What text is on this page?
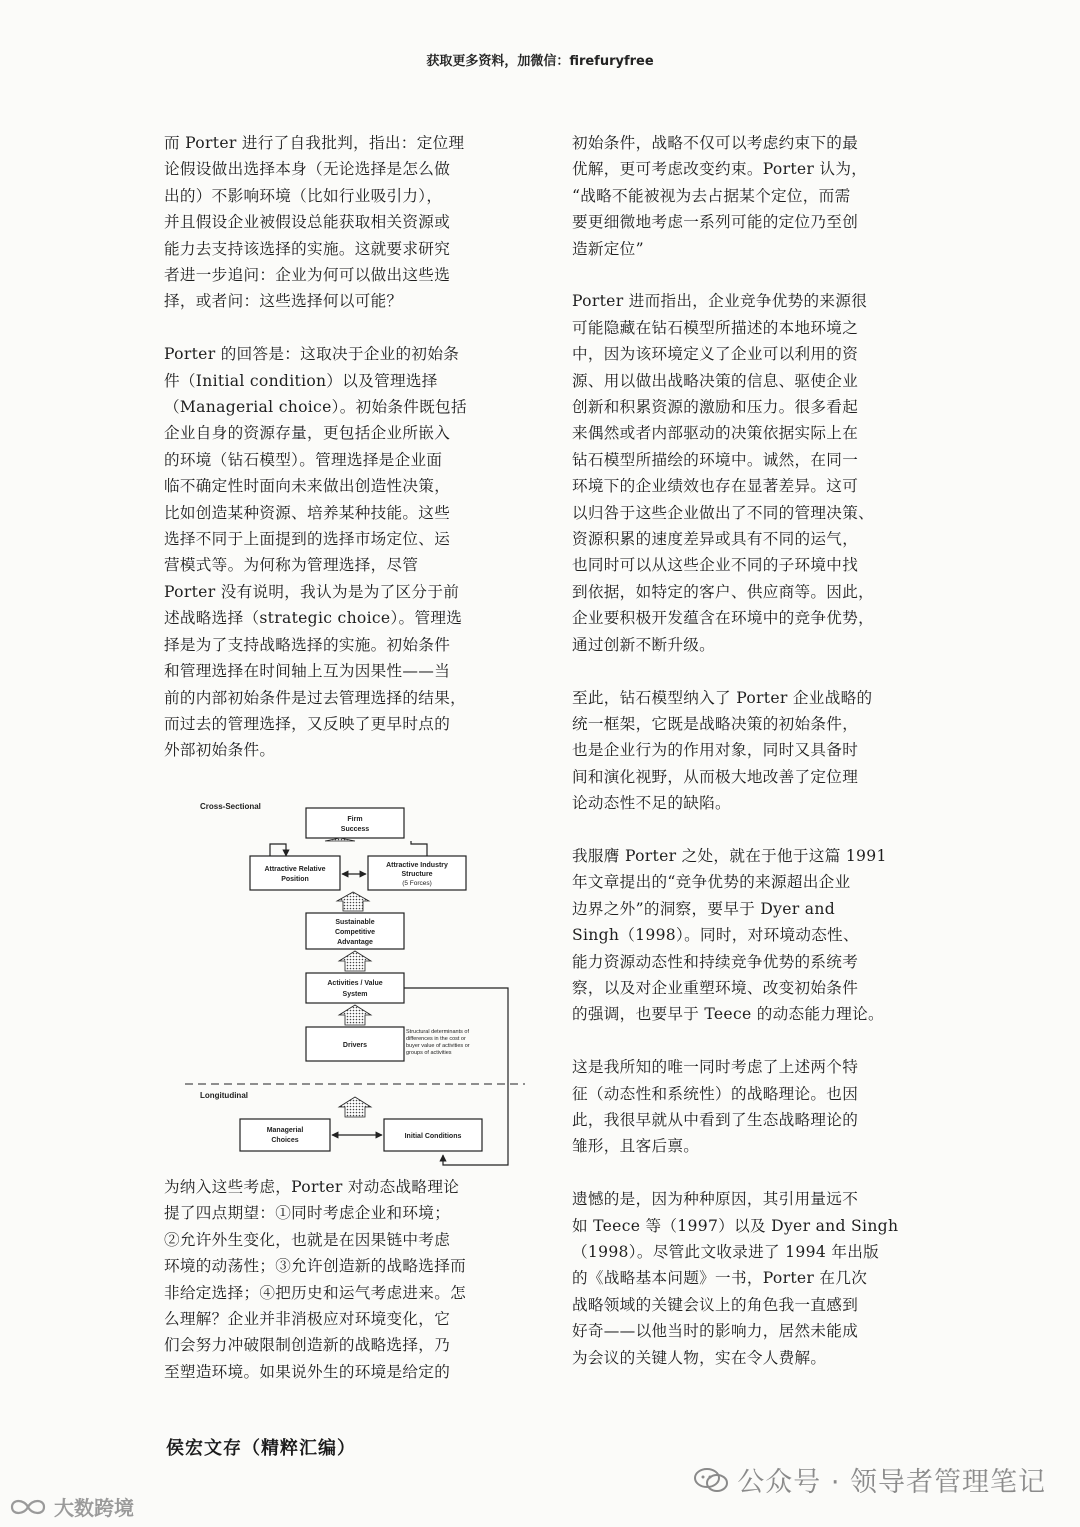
获取更多资料，加微信：firefuryfree

而 Porter 进行了自我批判，指出：定位理
论假设做出选择本身（无论选择是怎么做
出的）不影响环境（比如行业吸引力），
并且假设企业被假设总能获取相关资源或
能力去支持该选择的实施。这就要求研究
者进一步追问：企业为何可以做出这些选
择，或者问：这些选择何以可能？

Porter 的回答是：这取决于企业的初始条
件（Initial condition）以及管理选择
（Managerial choice）。初始条件既包括
企业自身的资源存量，更包括企业所嵌入
的环境（钻石模型）。管理选择是企业面
临不确定性时面向未来做出创造性决策，
比如创造某种资源、培养某种技能。这些
选择不同于上面提到的选择市场定位、运
营模式等。为何称为管理选择，尽管
Porter 没有说明，我认为是为了区分于前
述战略选择（strategic choice）。管理选
择是为了支持战略选择的实施。初始条件
和管理选择在时间轴上互为因果性——当
前的内部初始条件是过去管理选择的结果，
而过去的管理选择，又反映了更早时点的
外部初始条件。

Cross-Sectional
Firm
Success
Attractive Relative
Position
Attractive Industry
Structure
(5 Forces)
Sustainable
Competitive
Advantage
Activities / Value
System
Drivers
Structural determinants of
differences in the cost or
buyer value of activities or
groups of activities
Longitudinal
Managerial
Choices
Initial Conditions

为纳入这些考虑，Porter 对动态战略理论
提了四点期望：①同时考虑企业和环境；
②允许外生变化，也就是在因果链中考虑
环境的动荡性；③允许创造新的战略选择而
非给定选择；④把历史和运气考虑进来。怎
么理解？企业并非消极应对环境变化，它
们会努力冲破限制创造新的战略选择，乃
至塑造环境。如果说外生的环境是给定的

初始条件，战略不仅可以考虑约束下的最
优解，更可考虑改变约束。Porter 认为，
“战略不能被视为去占据某个定位，而需
要更细微地考虑一系列可能的定位乃至创
造新定位”

Porter 进而指出，企业竞争优势的来源很
可能隐藏在钻石模型所描述的本地环境之
中，因为该环境定义了企业可以利用的资
源、用以做出战略决策的信息、驱使企业
创新和积累资源的激励和压力。很多看起
来偶然或者内部驱动的决策依据实际上在
钻石模型所描绘的环境中。诚然，在同一
环境下的企业绩效也存在显著差异。这可
以归咎于这些企业做出了不同的管理决策、
资源积累的速度差异或具有不同的运气，
也同时可以从这些企业不同的子环境中找
到依据，如特定的客户、供应商等。因此，
企业要积极开发蕴含在环境中的竞争优势，
通过创新不断升级。

至此，钻石模型纳入了 Porter 企业战略的
统一框架，它既是战略决策的初始条件，
也是企业行为的作用对象，同时又具备时
间和演化视野，从而极大地改善了定位理
论动态性不足的缺陷。

我服膺 Porter 之处，就在于他于这篇 1991
年文章提出的“竞争优势的来源超出企业
边界之外”的洞察，要早于 Dyer and
Singh（1998）。同时，对环境动态性、
能力资源动态性和持续竞争优势的系统考
察，以及对企业重塑环境、改变初始条件
的强调，也要早于 Teece 的动态能力理论。

这是我所知的唯一同时考虑了上述两个特
征（动态性和系统性）的战略理论。也因
此，我很早就从中看到了生态战略理论的
雏形，且客后禀。

遗憾的是，因为种种原因，其引用量远不
如 Teece 等（1997）以及 Dyer and Singh
（1998）。尽管此文收录进了 1994 年出版
的《战略基本问题》一书，Porter 在几次
战略领域的关键会议上的角色我一直感到
好奇——以他当时的影响力，居然未能成
为会议的关键人物，实在令人费解。

侯宏文存（精粹汇编）
公众号 · 领导者管理笔记
大数跨境
